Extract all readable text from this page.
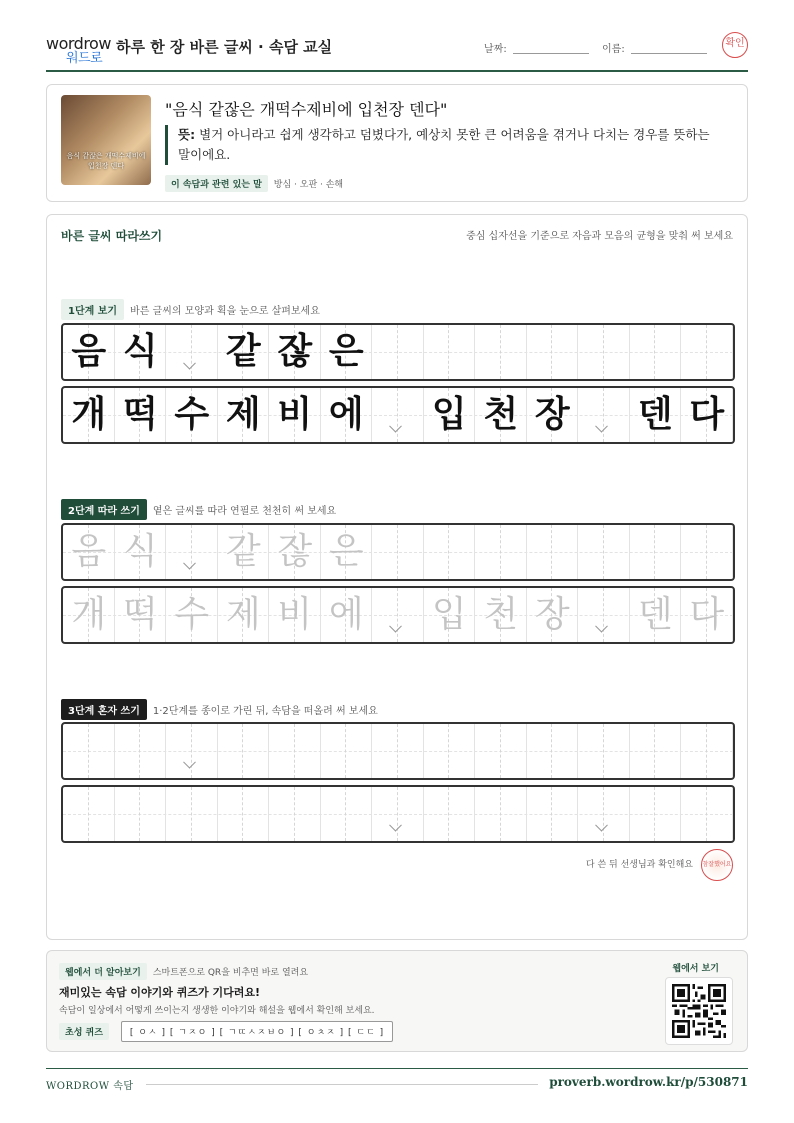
wordrow
워드로
하루 한 장 바른 글씨 · 속담 교실	날짜:	이름:
확인
음식 같잖은 개떡수제비에 입천장 덴다
"음식 같잖은 개떡수제비에 입천장 덴다"
뜻: 별거 아니라고 쉽게 생각하고 덤볐다가, 예상치 못한 큰 어려움을 겪거나 다치는 경우를 뜻하는 말이에요.
이 속담과 관련 있는 말 방심 · 오판 · 손해
바른 글씨 따라쓰기	중심 십자선을 기준으로 자음과 모음의 균형을 맞춰 써 보세요
1단계 보기 바른 글씨의 모양과 획을 눈으로 살펴보세요
음 식 같 잖 은
개 떡 수 제 비 에 입 천 장 덴 다
2단계 따라 쓰기 옅은 글씨를 따라 연필로 천천히 써 보세요
음 식 같 잖 은
개 떡 수 제 비 에 입 천 장 덴 다
3단계 혼자 쓰기 1·2단계를 종이로 가린 뒤, 속담을 떠올려 써 보세요
다 쓴 뒤 선생님과 확인해요 참잘했어요
웹에서 더 알아보기 스마트폰으로 QR을 비추면 바로 열려요
재미있는 속담 이야기와 퀴즈가 기다려요!
속담이 일상에서 어떻게 쓰이는지 생생한 이야기와 해설을 웹에서 확인해 보세요.
초성 퀴즈	[ ㅇㅅ ] [ ㄱㅈㅇ ] [ ㄱㄸㅅㅈㅂㅇ ] [ ㅇㅊㅈ ] [ ㄷㄷ ]
웹에서 보기
WORDROW 속담	proverb.wordrow.kr/p/530871
